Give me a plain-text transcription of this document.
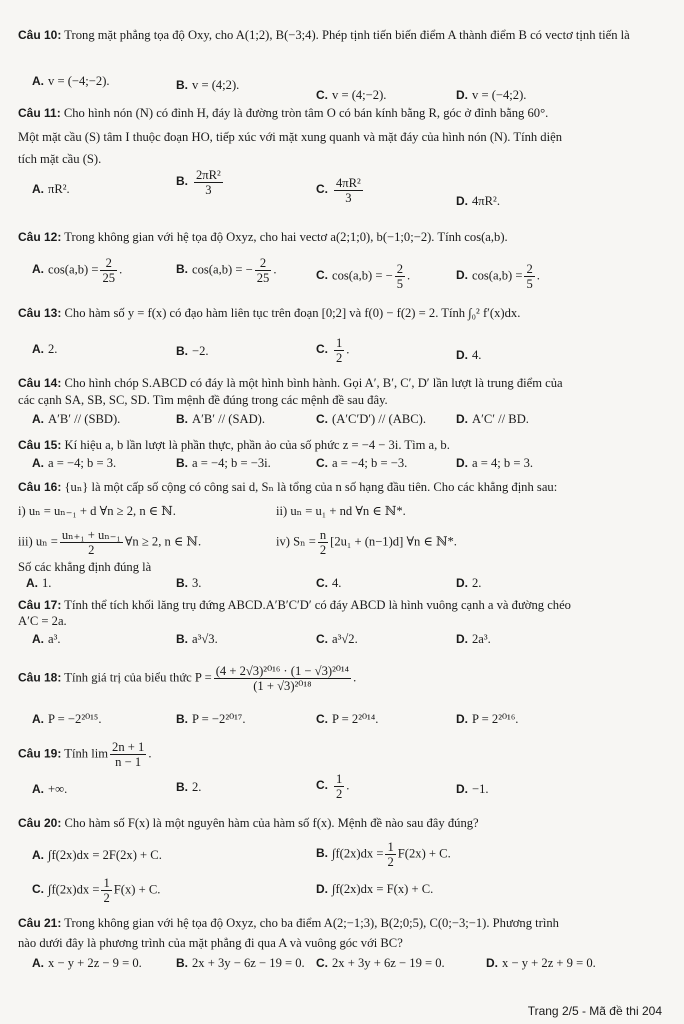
Câu 10: Trong mặt phẳng tọa độ Oxy, cho A(1;2), B(−3;4). Phép tịnh tiến biến điểm A thành điểm B có vectơ tịnh tiến là
A. v = (−4;−2).	B. v = (4;2).
C. v = (4;−2).	D. v = (−4;2).
Câu 11: Cho hình nón (N) có đỉnh H, đáy là đường tròn tâm O có bán kính bằng R, góc ở đỉnh bằng 60°.
Một mặt cầu (S) tâm I thuộc đoạn HO, tiếp xúc với mặt xung quanh và mặt đáy của hình nón (N). Tính diện
tích mặt cầu (S).
A. πR².
B. $\frac{\text{2πR²}}{3}$	C. $\frac{\text{4πR²}}{3}$	D. 4πR².
Câu 12: Trong không gian với hệ tọa độ Oxyz, cho hai vectơ a(2;1;0), b(−1;0;−2). Tính cos(a,b).
A. $\cos(a,b) = \frac{2}{25}$ .	B. cos(a,b) = − $\frac{2}{25}$ .	C. cos(a,b) = − $\frac{2}{5}$ .	D. $\cos(a,b) = \frac{2}{5}$ .
Câu 13: Cho hàm số y = f(x) có đạo hàm liên tục trên đoạn [0;2] và f(0) − f(2) = 2. Tính ∫₀² f′(x)dx.
A. 2.	B. −2.	C. $\frac{1}{2}$ .	D. 4.
Câu 14: Cho hình chóp S.ABCD có đáy là một hình bình hành. Gọi A′, B′, C′, D′ lần lượt là trung điểm của
các cạnh SA, SB, SC, SD. Tìm mệnh đề đúng trong các mệnh đề sau đây.
A. A′B′ // (SBD).	B. A′B′ // (SAD).	C. (A′C′D′) // (ABC).	D. A′C′ // BD.
Câu 15: Kí hiệu a, b lần lượt là phần thực, phần ảo của số phức z = −4 − 3i. Tìm a, b.
A. a = −4; b = 3.	B. a = −4; b = −3i.	C. a = −4; b = −3.	D. a = 4; b = 3.
Câu 16: {uₙ} là một cấp số cộng có công sai d, Sₙ là tổng của n số hạng đầu tiên. Cho các khẳng định sau:
i) uₙ = uₙ₋₁ + d ∀n ≥ 2, n ∈ ℕ.	ii) uₙ = u₁ + nd ∀n ∈ ℕ*.
iii) $u_n = \frac{\text{uₙ₊₁ + uₙ₋₁}}{2}$ ∀n ≥ 2, n ∈ ℕ.	iv) $S_n = \frac{n}{2} [2u_1 + (n-1)d]$ ∀n ∈ ℕ*.
Số các khẳng định đúng là
A. 1.	B. 3.	C. 4.	D. 2.
Câu 17: Tính thể tích khối lăng trụ đứng ABCD.A′B′C′D′ có đáy ABCD là hình vuông cạnh a và đường chéo
A′C = 2a.
A. a³.	B. a³√3.	C. a³√2.	D. 2a³.
Câu 18: Tính giá trị của biểu thức $P = \frac{\text{(4 + 2√3)²⁰¹⁶ · (1 − √3)²⁰¹⁴}}{\text{(1 + √3)²⁰¹⁸}}$ .
A. P = −2²⁰¹⁵.	B. P = −2²⁰¹⁷.	C. P = 2²⁰¹⁴.	D. P = 2²⁰¹⁶.
Câu 19: Tính $\lim \frac{2n + 1}{n - 1}$ .
A. +∞.	B. 2.	C. $\frac{1}{2}$ .	D. −1.
Câu 20: Cho hàm số F(x) là một nguyên hàm của hàm số f(x). Mệnh đề nào sau đây đúng?
A. ∫f(2x)dx = 2F(2x) + C.	B. $\int f(2x)dx = \frac{1}{2} F(2x) + C$.
C. $\int f(2x)dx = \frac{1}{2} F(x) + C$.	D. ∫f(2x)dx = F(x) + C.
Câu 21: Trong không gian với hệ tọa độ Oxyz, cho ba điểm A(2;−1;3), B(2;0;5), C(0;−3;−1). Phương trình
nào dưới đây là phương trình của mặt phẳng đi qua A và vuông góc với BC?
A. x − y + 2z − 9 = 0.	B. 2x + 3y − 6z − 19 = 0. C. 2x + 3y + 6z − 19 = 0.	D. x − y + 2z + 9 = 0.
Trang 2/5 - Mã đề thi 204
